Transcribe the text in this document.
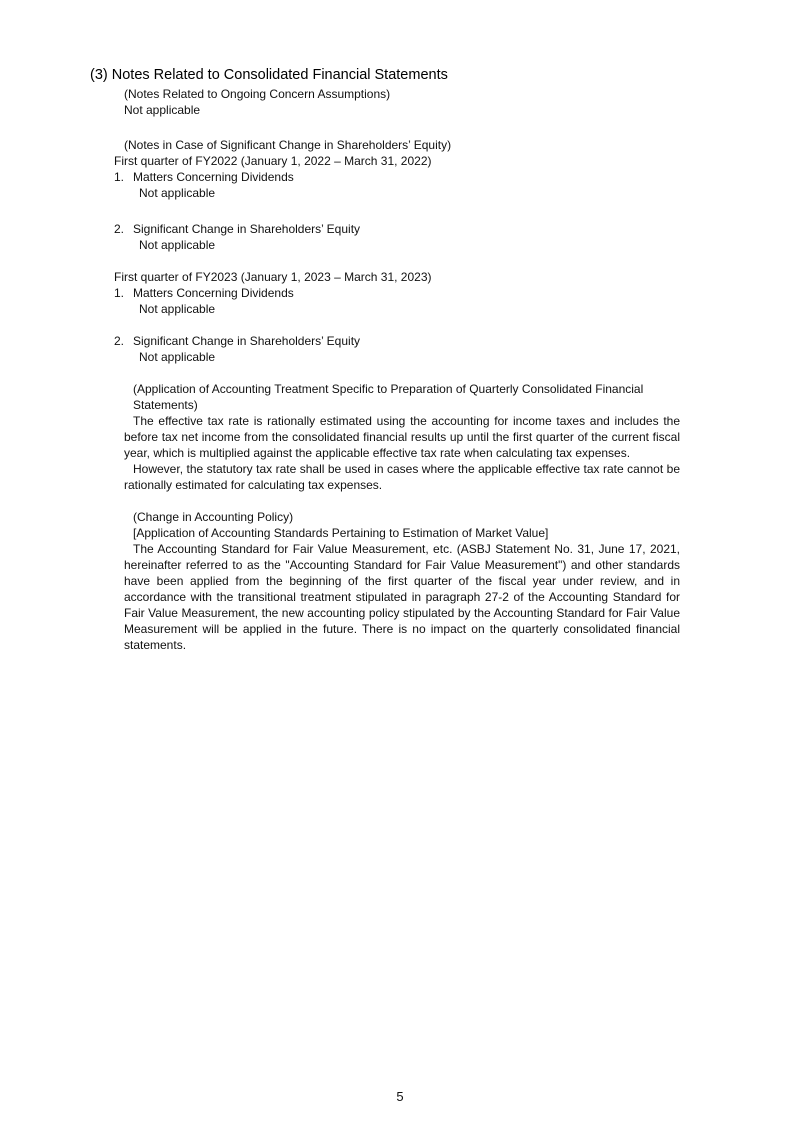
(3) Notes Related to Consolidated Financial Statements
(Notes Related to Ongoing Concern Assumptions)
Not applicable
(Notes in Case of Significant Change in Shareholders’ Equity)
First quarter of FY2022 (January 1, 2022 – March 31, 2022)
1. Matters Concerning Dividends
Not applicable
2. Significant Change in Shareholders’ Equity
Not applicable
First quarter of FY2023 (January 1, 2023 – March 31, 2023)
1. Matters Concerning Dividends
Not applicable
2. Significant Change in Shareholders’ Equity
Not applicable
(Application of Accounting Treatment Specific to Preparation of Quarterly Consolidated Financial
Statements)

The effective tax rate is rationally estimated using the accounting for income taxes and includes the before tax net income from the consolidated financial results up until the first quarter of the current fiscal year, which is multiplied against the applicable effective tax rate when calculating tax expenses.

However, the statutory tax rate shall be used in cases where the applicable effective tax rate cannot be rationally estimated for calculating tax expenses.

(Change in Accounting Policy)
[Application of Accounting Standards Pertaining to Estimation of Market Value]

The Accounting Standard for Fair Value Measurement, etc. (ASBJ Statement No. 31, June 17, 2021, hereinafter referred to as the "Accounting Standard for Fair Value Measurement") and other standards have been applied from the beginning of the first quarter of the fiscal year under review, and in accordance with the transitional treatment stipulated in paragraph 27-2 of the Accounting Standard for Fair Value Measurement, the new accounting policy stipulated by the Accounting Standard for Fair Value Measurement will be applied in the future. There is no impact on the quarterly consolidated financial statements.

5
